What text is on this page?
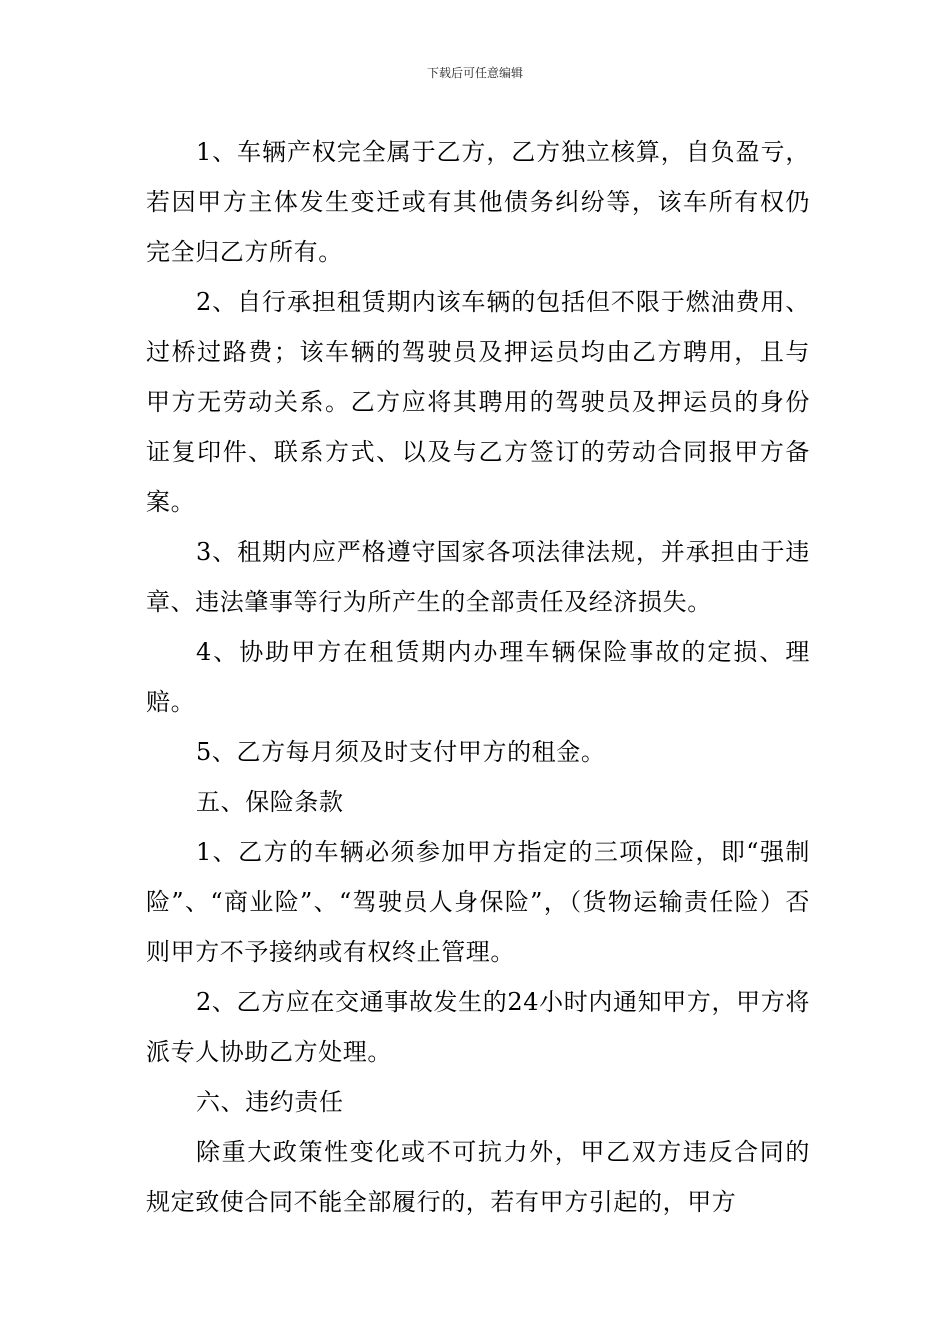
下载后可任意编辑

1、车辆产权完全属于乙方，乙方独立核算，自负盈亏，若因甲方主体发生变迁或有其他债务纠纷等，该车所有权仍完全归乙方所有。

2、自行承担租赁期内该车辆的包括但不限于燃油费用、过桥过路费；该车辆的驾驶员及押运员均由乙方聘用，且与甲方无劳动关系。乙方应将其聘用的驾驶员及押运员的身份证复印件、联系方式、以及与乙方签订的劳动合同报甲方备案。

3、租期内应严格遵守国家各项法律法规，并承担由于违章、违法肇事等行为所产生的全部责任及经济损失。

4、协助甲方在租赁期内办理车辆保险事故的定损、理赔。

5、乙方每月须及时支付甲方的租金。

五、保险条款

1、乙方的车辆必须参加甲方指定的三项保险，即“强制险”、“商业险”、“驾驶员人身保险”，（货物运输责任险）否则甲方不予接纳或有权终止管理。

2、乙方应在交通事故发生的24小时内通知甲方，甲方将派专人协助乙方处理。

六、违约责任

除重大政策性变化或不可抗力外，甲乙双方违反合同的规定致使合同不能全部履行的，若有甲方引起的，甲方
